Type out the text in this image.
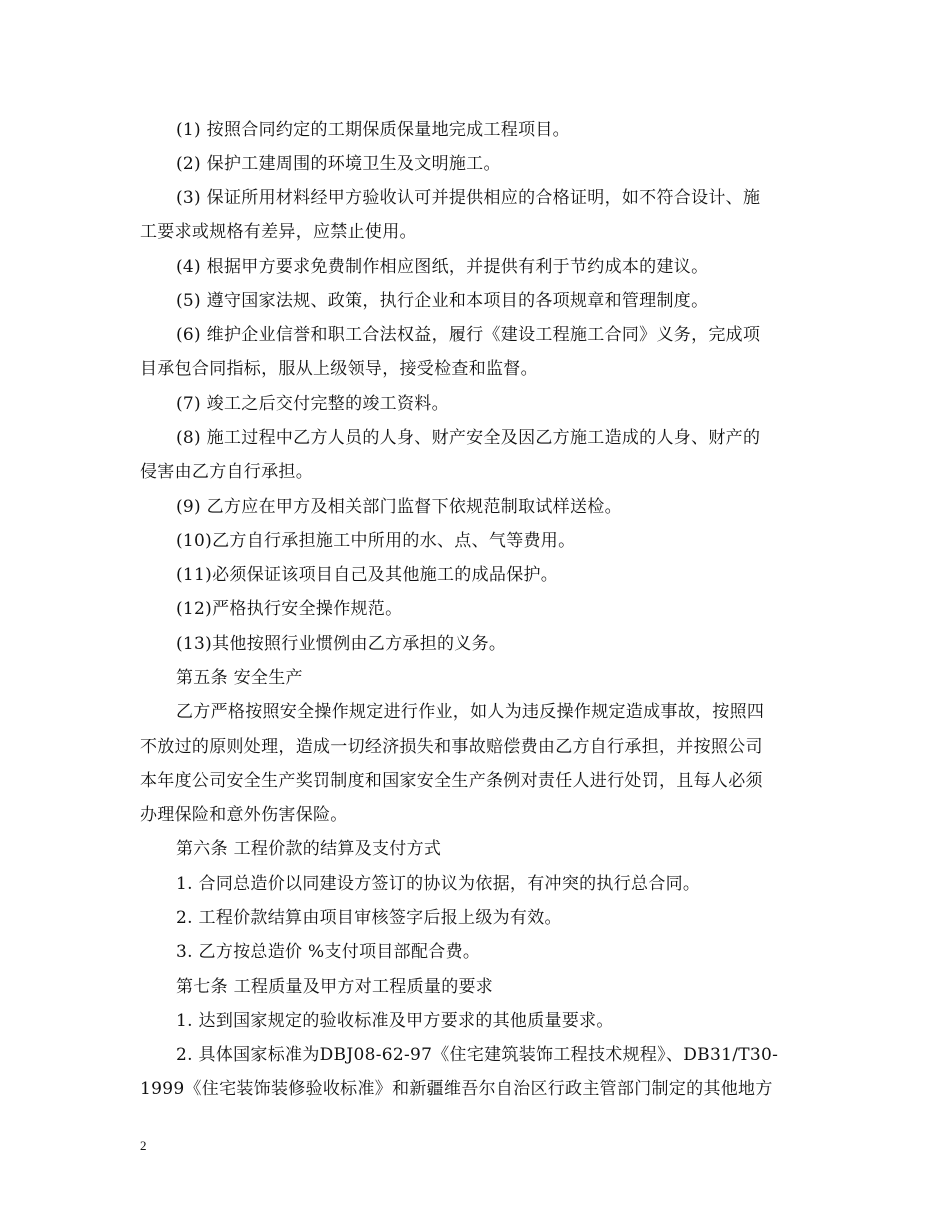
(1) 按照合同约定的工期保质保量地完成工程项目。
(2) 保护工建周围的环境卫生及文明施工。
(3) 保证所用材料经甲方验收认可并提供相应的合格证明，如不符合设计、施
工要求或规格有差异，应禁止使用。
(4) 根据甲方要求免费制作相应图纸，并提供有利于节约成本的建议。
(5) 遵守国家法规、政策，执行企业和本项目的各项规章和管理制度。
(6) 维护企业信誉和职工合法权益，履行《建设工程施工合同》义务，完成项
目承包合同指标，服从上级领导，接受检查和监督。
(7) 竣工之后交付完整的竣工资料。
(8) 施工过程中乙方人员的人身、财产安全及因乙方施工造成的人身、财产的
侵害由乙方自行承担。
(9) 乙方应在甲方及相关部门监督下依规范制取试样送检。
(10)乙方自行承担施工中所用的水、点、气等费用。
(11)必须保证该项目自己及其他施工的成品保护。
(12)严格执行安全操作规范。
(13)其他按照行业惯例由乙方承担的义务。
第五条 安全生产
乙方严格按照安全操作规定进行作业，如人为违反操作规定造成事故，按照四
不放过的原则处理，造成一切经济损失和事故赔偿费由乙方自行承担，并按照公司
本年度公司安全生产奖罚制度和国家安全生产条例对责任人进行处罚，且每人必须
办理保险和意外伤害保险。
第六条 工程价款的结算及支付方式
1. 合同总造价以同建设方签订的协议为依据，有冲突的执行总合同。
2. 工程价款结算由项目审核签字后报上级为有效。
3. 乙方按总造价 %支付项目部配合费。
第七条 工程质量及甲方对工程质量的要求
1. 达到国家规定的验收标准及甲方要求的其他质量要求。
2. 具体国家标准为DBJ08-62-97《住宅建筑装饰工程技术规程》、DB31/T30-
1999《住宅装饰装修验收标准》和新疆维吾尔自治区行政主管部门制定的其他地方
2
